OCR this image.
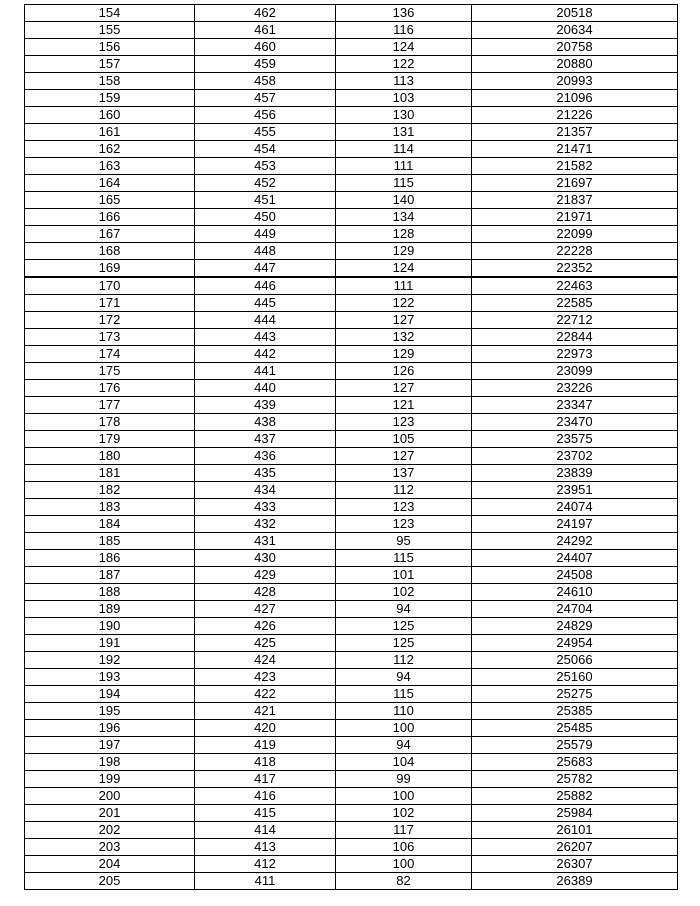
154	462	136	20518
155	461	116	20634
156	460	124	20758
157	459	122	20880
158	458	113	20993
159	457	103	21096
160	456	130	21226
161	455	131	21357
162	454	114	21471
163	453	111	21582
164	452	115	21697
165	451	140	21837
166	450	134	21971
167	449	128	22099
168	448	129	22228
169	447	124	22352
170	446	111	22463
171	445	122	22585
172	444	127	22712
173	443	132	22844
174	442	129	22973
175	441	126	23099
176	440	127	23226
177	439	121	23347
178	438	123	23470
179	437	105	23575
180	436	127	23702
181	435	137	23839
182	434	112	23951
183	433	123	24074
184	432	123	24197
185	431	95	24292
186	430	115	24407
187	429	101	24508
188	428	102	24610
189	427	94	24704
190	426	125	24829
191	425	125	24954
192	424	112	25066
193	423	94	25160
194	422	115	25275
195	421	110	25385
196	420	100	25485
197	419	94	25579
198	418	104	25683
199	417	99	25782
200	416	100	25882
201	415	102	25984
202	414	117	26101
203	413	106	26207
204	412	100	26307
205	411	82	26389
